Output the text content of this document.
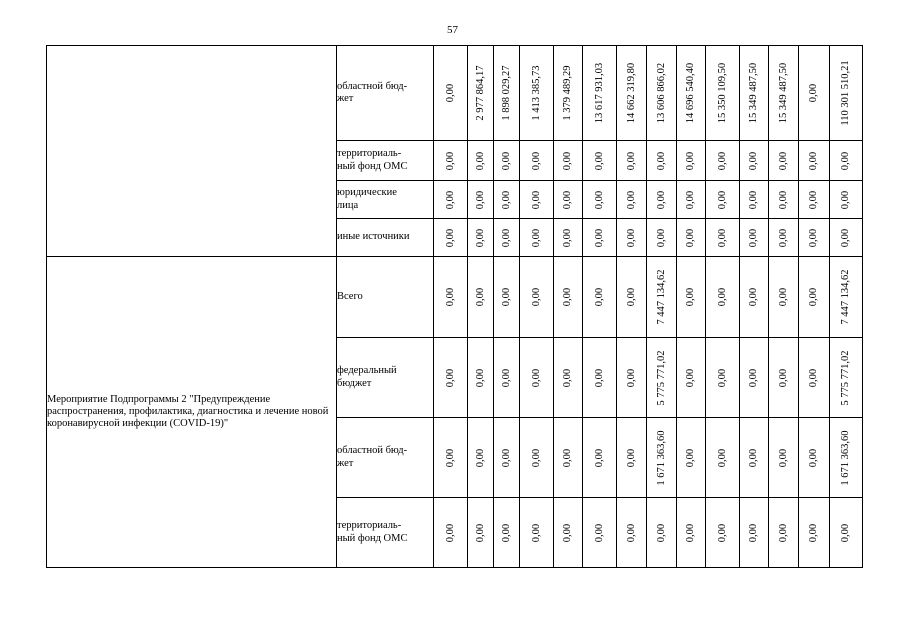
57
	областной бюд-
жет	0,00	2 977 864,17	1 898 029,27	1 413 385,73	1 379 489,29	13 617 931,03	14 662 319,80	13 606 866,02	14 696 540,40	15 350 109,50	15 349 487,50	15 349 487,50	0,00	110 301 510,21

	территориаль-
ный фонд ОМС	0,00	0,00	0,00	0,00	0,00	0,00	0,00	0,00	0,00	0,00	0,00	0,00	0,00	0,00

	юридические
лица	0,00	0,00	0,00	0,00	0,00	0,00	0,00	0,00	0,00	0,00	0,00	0,00	0,00	0,00

	иные источники	0,00	0,00	0,00	0,00	0,00	0,00	0,00	0,00	0,00	0,00	0,00	0,00	0,00	0,00

Мероприятие Подпрограммы 2 "Предупреждение распространения, профилактика, диагностика и лечение новой коронавирусной инфекции (COVID-19)"	Всего	0,00	0,00	0,00	0,00	0,00	0,00	0,00	7 447 134,62	0,00	0,00	0,00	0,00	0,00	7 447 134,62

	федеральный
бюджет	0,00	0,00	0,00	0,00	0,00	0,00	0,00	5 775 771,02	0,00	0,00	0,00	0,00	0,00	5 775 771,02

	областной бюд-
жет	0,00	0,00	0,00	0,00	0,00	0,00	0,00	1 671 363,60	0,00	0,00	0,00	0,00	0,00	1 671 363,60

	территориаль-
ный фонд ОМС	0,00	0,00	0,00	0,00	0,00	0,00	0,00	0,00	0,00	0,00	0,00	0,00	0,00	0,00
